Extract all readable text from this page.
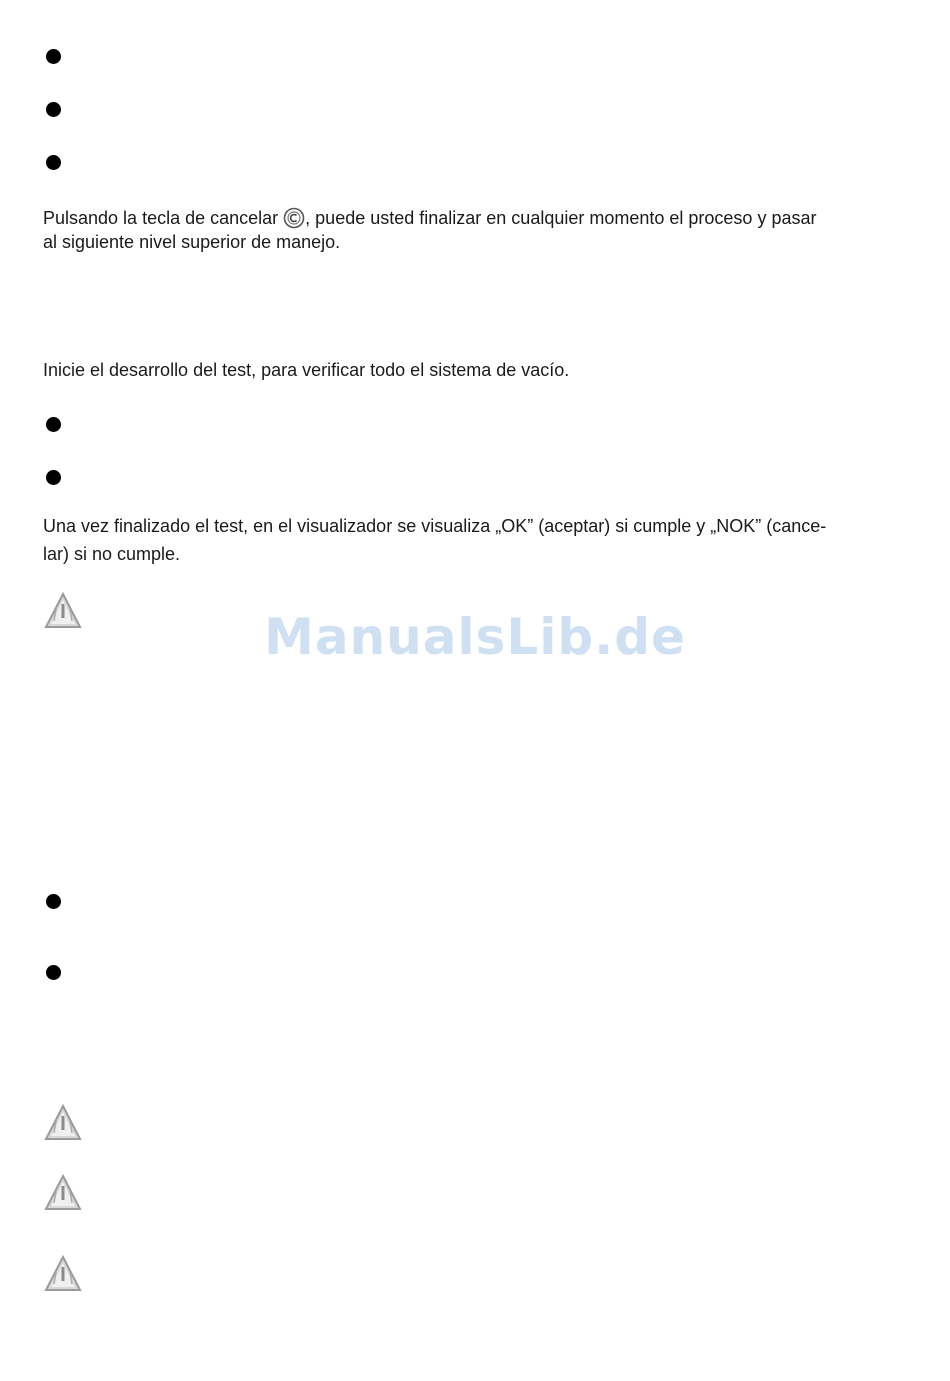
Pulsando la tecla de cancelar , puede usted finalizar en cualquier momento el proceso y pasar
al siguiente nivel superior de manejo.
Inicie el desarrollo del test, para verificar todo el sistema de vacío.
Una vez finalizado el test, en el visualizador se visualiza „OK” (aceptar) si cumple y „NOK” (cance-
lar) si no cumple.
ManualsLib.de
